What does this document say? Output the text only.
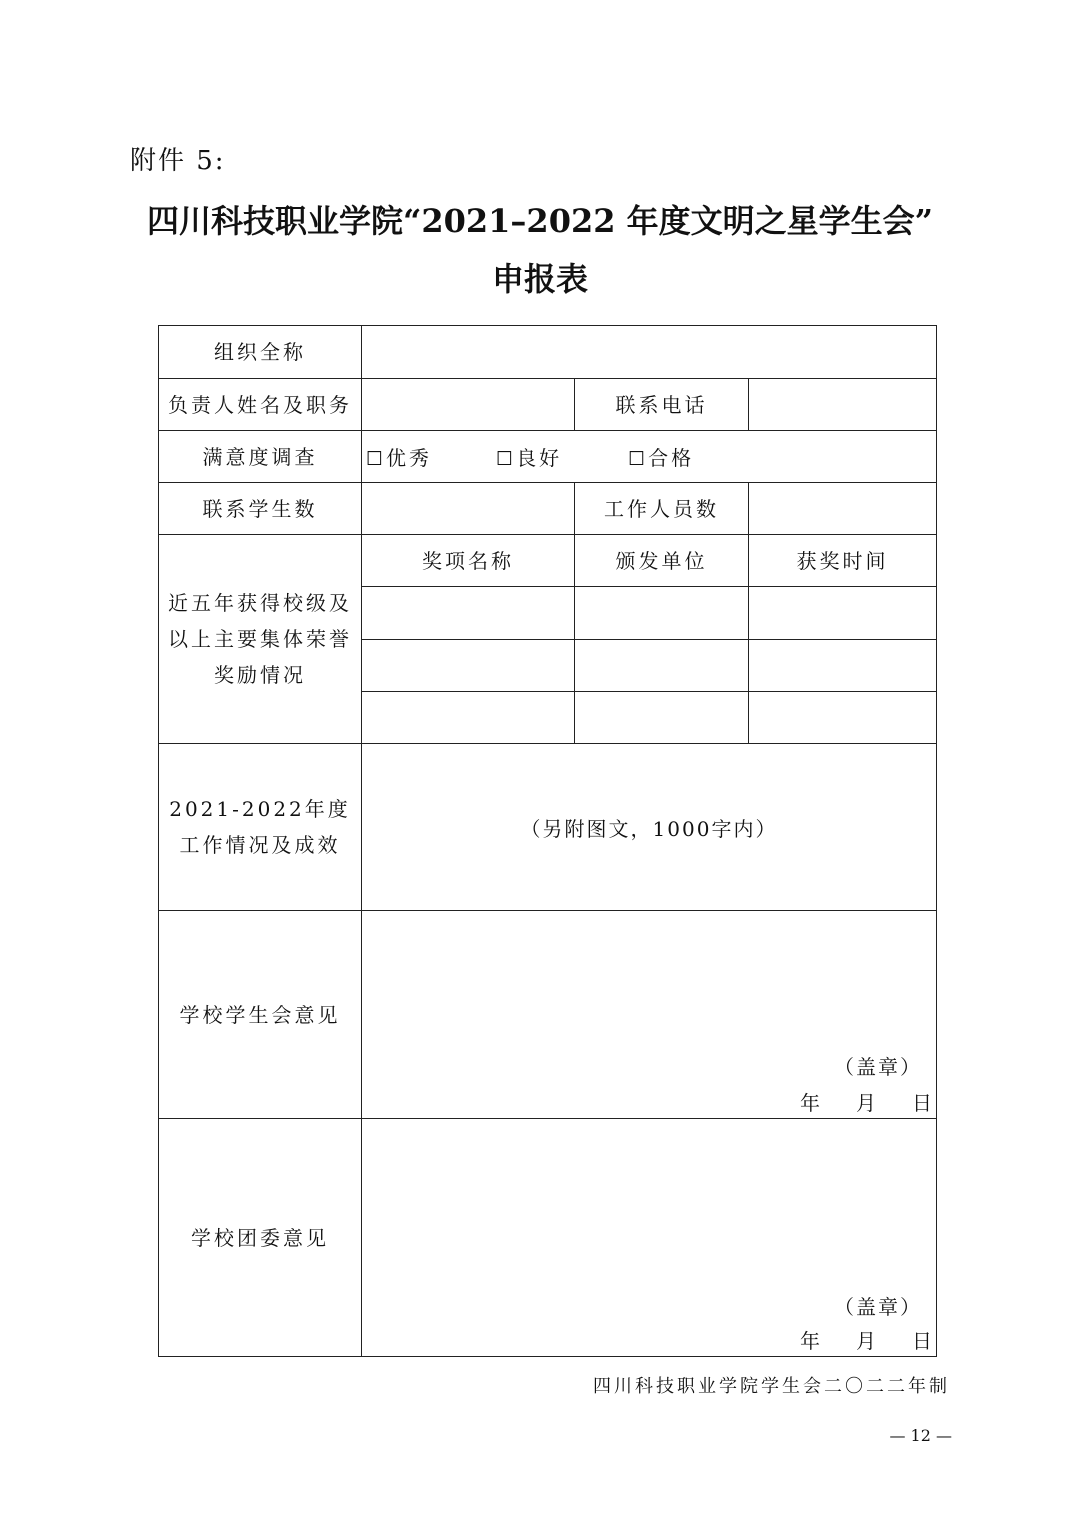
附件 5:
四川科技职业学院“2021–2022 年度文明之星学生会”
申报表
组织全称			
负责人姓名及职务		联系电话	
满意度调查	☐优秀 ☐良好 ☐合格		
联系学生数		工作人员数	
近五年获得校级及以上主要集体荣誉奖励情况	奖项名称	颁发单位	获奖时间

2021-2022年度工作情况及成效	（另附图文，1000字内）		
学校学生会意见	（盖章）
年 月 日		

学校团委意见	（盖章）
年 月 日		
四川科技职业学院学生会二〇二二年制
— 12 —
